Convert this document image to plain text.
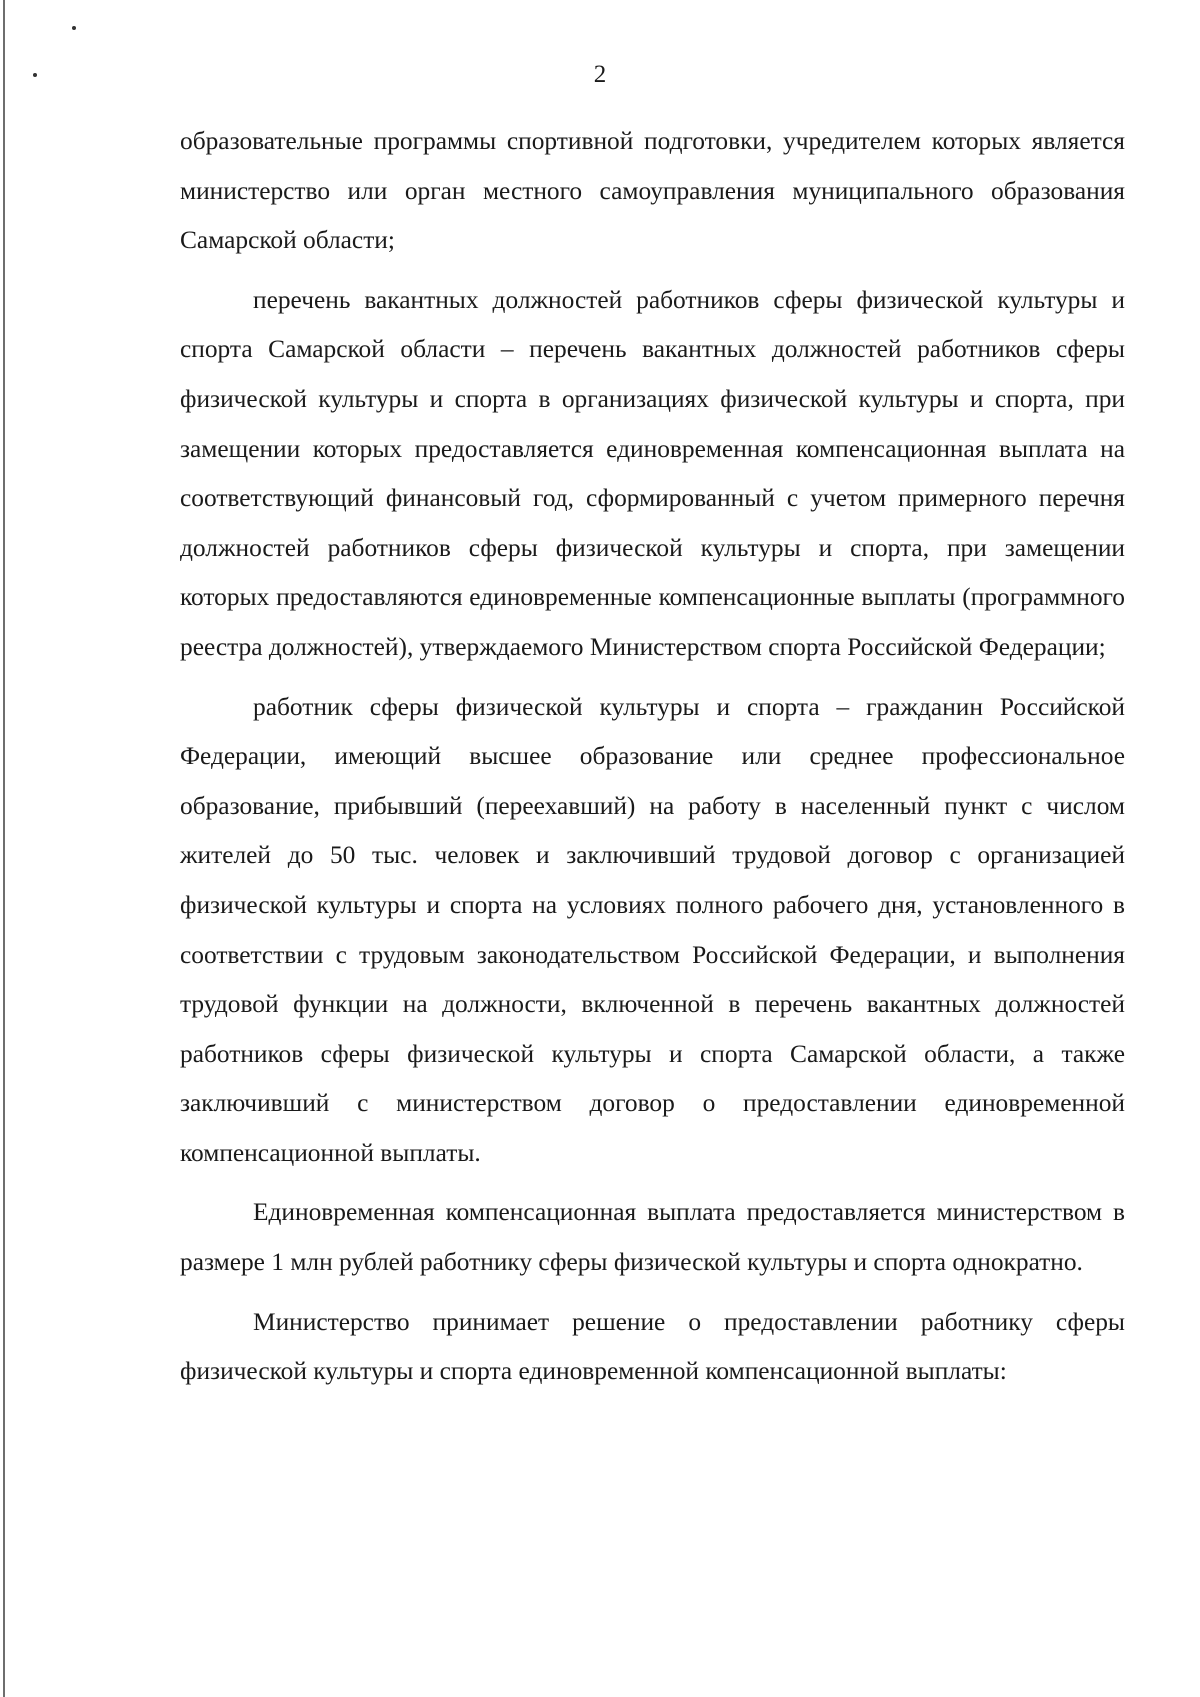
2

образовательные программы спортивной подготовки, учредителем которых является министерство или орган местного самоуправления муниципального образования Самарской области;

перечень вакантных должностей работников сферы физической культуры и спорта Самарской области – перечень вакантных должностей работников сферы физической культуры и спорта в организациях физической культуры и спорта, при замещении которых предоставляется единовременная компенсационная выплата на соответствующий финансовый год, сформированный с учетом примерного перечня должностей работников сферы физической культуры и спорта, при замещении которых предоставляются единовременные компенсационные выплаты (программного реестра должностей), утверждаемого Министерством спорта Российской Федерации;

работник сферы физической культуры и спорта – гражданин Российской Федерации, имеющий высшее образование или среднее профессиональное образование, прибывший (переехавший) на работу в населенный пункт с числом жителей до 50 тыс. человек и заключивший трудовой договор с организацией физической культуры и спорта на условиях полного рабочего дня, установленного в соответствии с трудовым законодательством Российской Федерации, и выполнения трудовой функции на должности, включенной в перечень вакантных должностей работников сферы физической культуры и спорта Самарской области, а также заключивший с министерством договор о предоставлении единовременной компенсационной выплаты.

Единовременная компенсационная выплата предоставляется министерством в размере 1 млн рублей работнику сферы физической культуры и спорта однократно.

Министерство принимает решение о предоставлении работнику сферы физической культуры и спорта единовременной компенсационной выплаты:
